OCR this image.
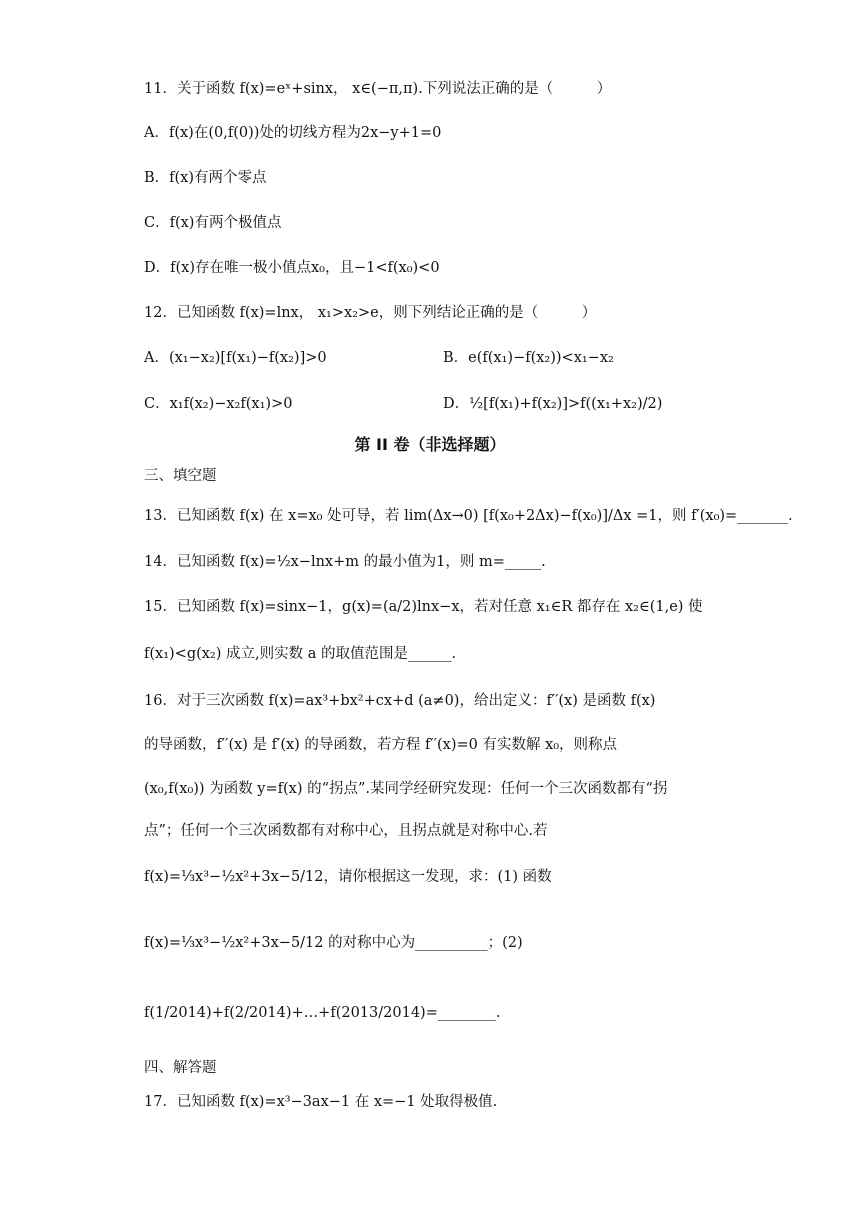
11．关于函数 f(x)=eˣ+sinx， x∈(−π,π).下列说法正确的是（　　　）
A．f(x)在(0,f(0))处的切线方程为2x−y+1=0
B．f(x)有两个零点
C．f(x)有两个极值点
D．f(x)存在唯一极小值点x₀，且−1<f(x₀)<0
12．已知函数 f(x)=lnx， x₁>x₂>e，则下列结论正确的是（　　　）
A．(x₁−x₂)[f(x₁)−f(x₂)]>0	B．e(f(x₁)−f(x₂))<x₁−x₂
C．x₁f(x₂)−x₂f(x₁)>0	D．½[f(x₁)+f(x₂)]>f((x₁+x₂)/2)
第 II 卷（非选择题）
三、填空题
13．已知函数 f(x) 在 x=x₀ 处可导，若 lim(Δx→0) [f(x₀+2Δx)−f(x₀)]/Δx =1，则 f′(x₀)=_______.
14．已知函数 f(x)=½x−lnx+m 的最小值为1，则 m=_____.
15．已知函数 f(x)=sinx−1，g(x)=(a/2)lnx−x，若对任意 x₁∈R 都存在 x₂∈(1,e) 使
f(x₁)<g(x₂) 成立,则实数 a 的取值范围是______.
16．对于三次函数 f(x)=ax³+bx²+cx+d (a≠0)，给出定义：f′′(x) 是函数 f(x)
的导函数，f′′(x) 是 f′(x) 的导函数，若方程 f′′(x)=0 有实数解 x₀，则称点
(x₀,f(x₀)) 为函数 y=f(x) 的“拐点”.某同学经研究发现：任何一个三次函数都有“拐
点”；任何一个三次函数都有对称中心，且拐点就是对称中心.若
f(x)=⅓x³−½x²+3x−5/12，请你根据这一发现，求：(1) 函数
f(x)=⅓x³−½x²+3x−5/12 的对称中心为__________；(2)
f(1/2014)+f(2/2014)+…+f(2013/2014)=________.
四、解答题
17．已知函数 f(x)=x³−3ax−1 在 x=−1 处取得极值.
